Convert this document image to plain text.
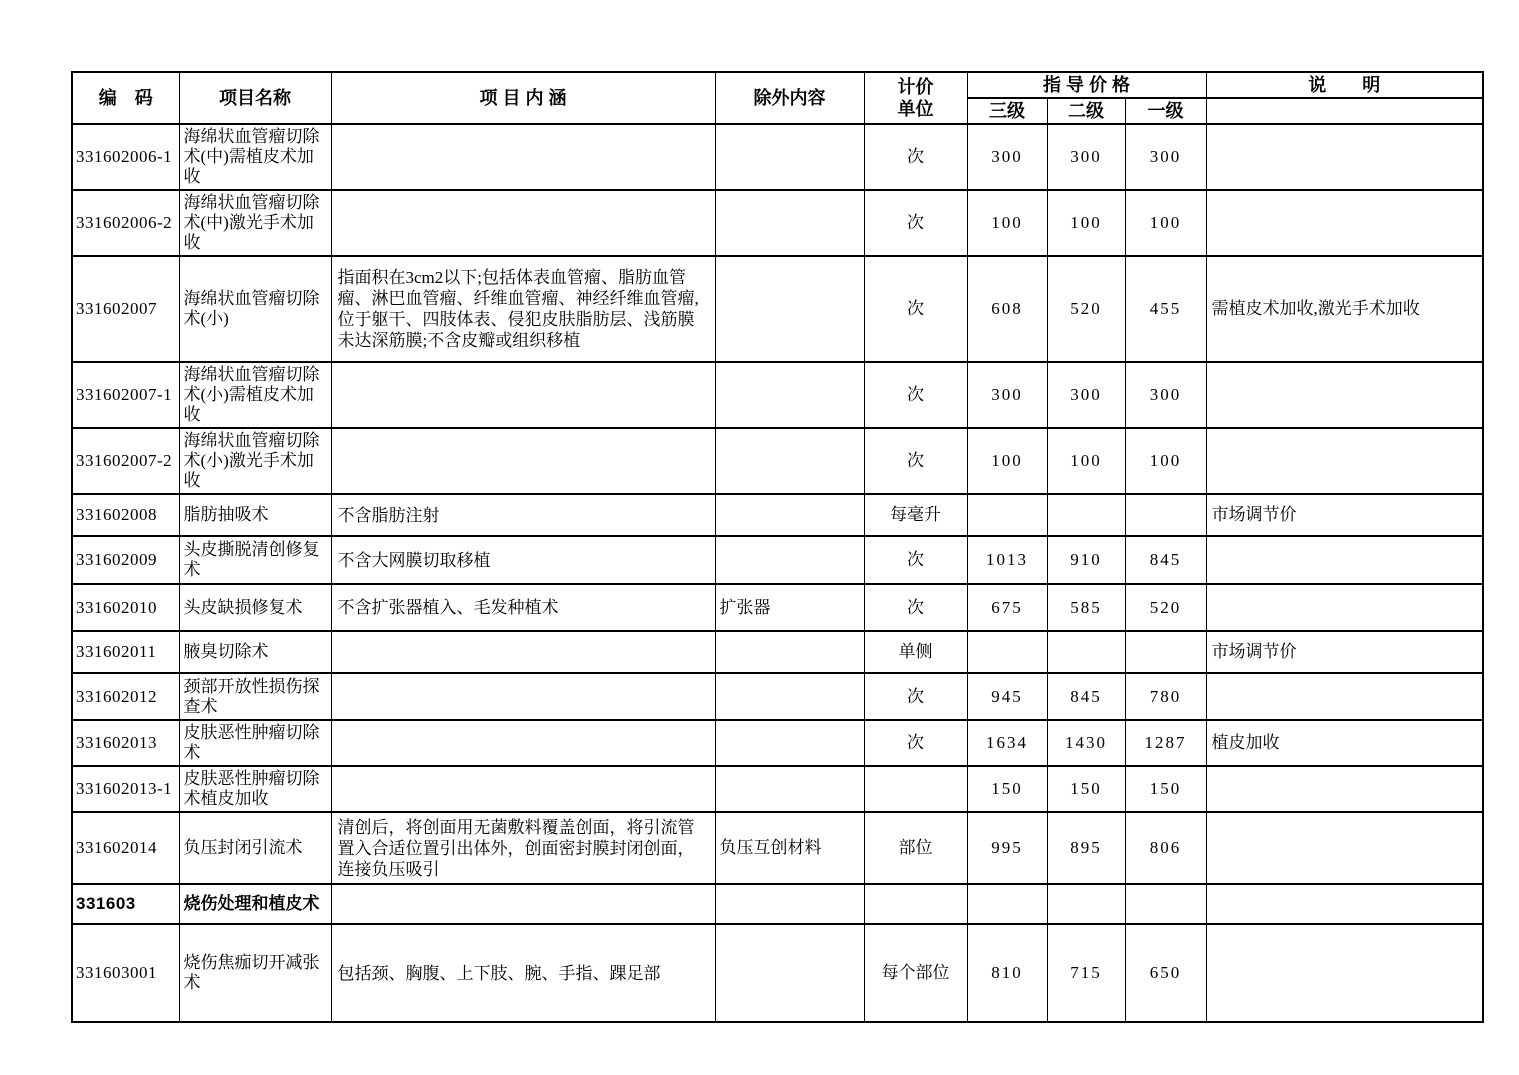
编　码	项目名称	项 目 内 涵	除外内容	计价
单位	指 导 价 格			说　　明
					三级	二级	一级	
331602006-1	海绵状血管瘤切除术(中)需植皮术加收			次	300	300	300	
331602006-2	海绵状血管瘤切除术(中)激光手术加收			次	100	100	100	
331602007	海绵状血管瘤切除术(小)	指面积在3cm2以下;包括体表血管瘤、脂肪血管瘤、淋巴血管瘤、纤维血管瘤、神经纤维血管瘤,位于躯干、四肢体表、侵犯皮肤脂肪层、浅筋膜未达深筋膜;不含皮瓣或组织移植		次	608	520	455	需植皮术加收,激光手术加收
331602007-1	海绵状血管瘤切除术(小)需植皮术加收			次	300	300	300	
331602007-2	海绵状血管瘤切除术(小)激光手术加收			次	100	100	100	
331602008	脂肪抽吸术	不含脂肪注射		每毫升				市场调节价
331602009	头皮撕脱清创修复术	不含大网膜切取移植		次	1013	910	845	
331602010	头皮缺损修复术	不含扩张器植入、毛发种植术	扩张器	次	675	585	520	
331602011	腋臭切除术			单侧				市场调节价
331602012	颈部开放性损伤探查术			次	945	845	780	
331602013	皮肤恶性肿瘤切除术			次	1634	1430	1287	植皮加收
331602013-1	皮肤恶性肿瘤切除术植皮加收				150	150	150	
331602014	负压封闭引流术	清创后，将创面用无菌敷料覆盖创面，将引流管置入合适位置引出体外，创面密封膜封闭创面，连接负压吸引	负压互创材料	部位	995	895	806	
331603	烧伤处理和植皮术							
331603001	烧伤焦痂切开减张术	包括颈、胸腹、上下肢、腕、手指、踝足部		每个部位	810	715	650	
